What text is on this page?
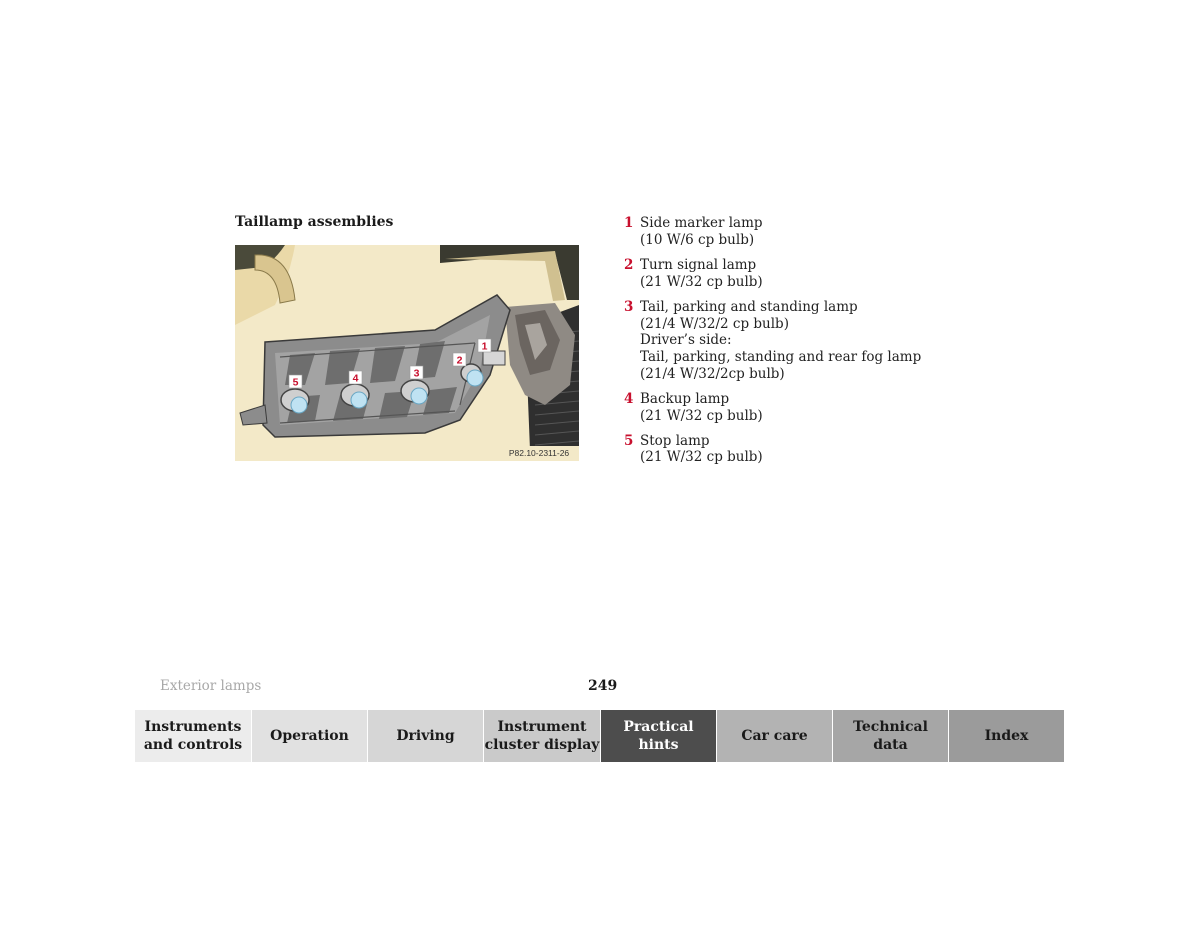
Taillamp assemblies
5	4	3
2
1
P82.10-2311-26
1 Side marker lamp
(10 W/6 cp bulb)
2 Turn signal lamp
(21 W/32 cp bulb)
3 Tail, parking and standing lamp
(21/4 W/32/2 cp bulb)
Driver’s side:
Tail, parking, standing and rear fog lamp
(21/4 W/32/2cp bulb)
4 Backup lamp
(21 W/32 cp bulb)
5 Stop lamp
(21 W/32 cp bulb)
Exterior lamps	249
Instruments
and controls
Operation	Driving
Instrument
cluster display
Practical hints
Car care
Technical
data
Index
